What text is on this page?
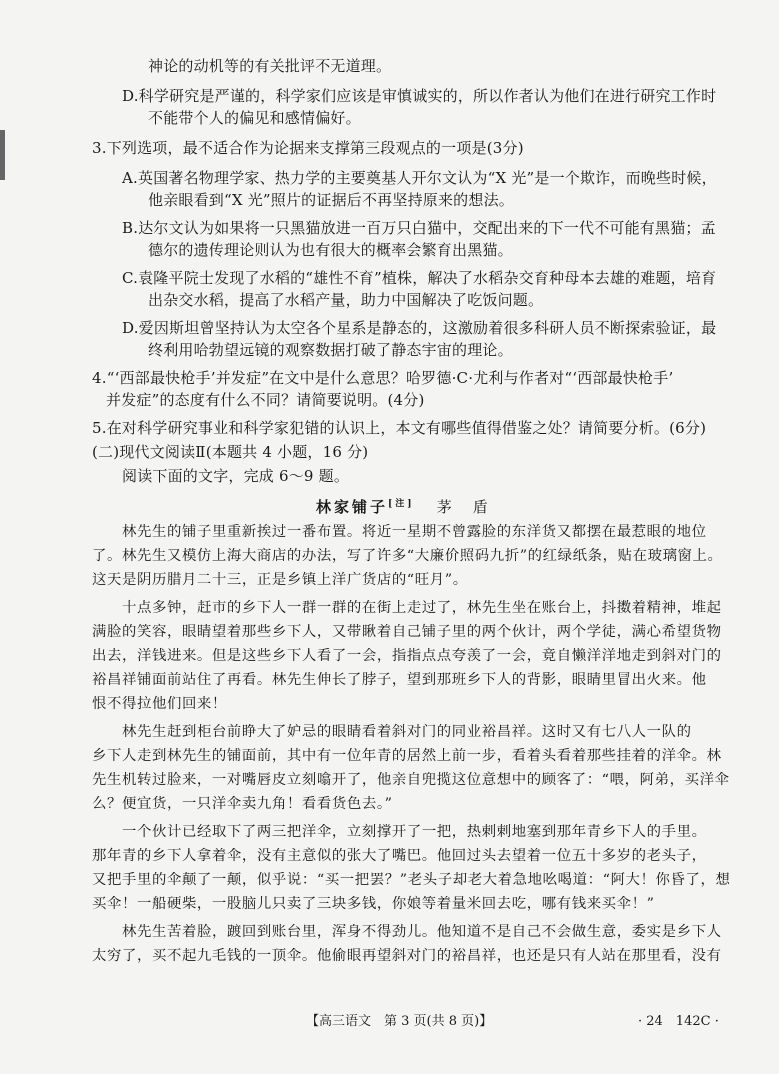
神论的动机等的有关批评不无道理。
D.科学研究是严谨的，科学家们应该是审慎诚实的，所以作者认为他们在进行研究工作时
不能带个人的偏见和感情偏好。
3.下列选项，最不适合作为论据来支撑第三段观点的一项是(3分)
A.英国著名物理学家、热力学的主要奠基人开尔文认为“X 光”是一个欺诈，而晚些时候，
他亲眼看到“X 光”照片的证据后不再坚持原来的想法。
B.达尔文认为如果将一只黑猫放进一百万只白猫中，交配出来的下一代不可能有黑猫；孟
德尔的遗传理论则认为也有很大的概率会繁育出黑猫。
C.袁隆平院士发现了水稻的“雄性不育”植株，解决了水稻杂交育种母本去雄的难题，培育
出杂交水稻，提高了水稻产量，助力中国解决了吃饭问题。
D.爱因斯坦曾坚持认为太空各个星系是静态的，这激励着很多科研人员不断探索验证，最
终利用哈勃望远镜的观察数据打破了静态宇宙的理论。
4.“‘西部最快枪手’并发症”在文中是什么意思？哈罗德·C·尤利与作者对“‘西部最快枪手’
并发症”的态度有什么不同？请简要说明。(4分)
5.在对科学研究事业和科学家犯错的认识上，本文有哪些值得借鉴之处？请简要分析。(6分)
(二)现代文阅读Ⅱ(本题共 4 小题，16 分)
阅读下面的文字，完成 6～9 题。
林家铺子[注] 茅　盾
林先生的铺子里重新挨过一番布置。将近一星期不曾露脸的东洋货又都摆在最惹眼的地位
了。林先生又模仿上海大商店的办法，写了许多“大廉价照码九折”的红绿纸条，贴在玻璃窗上。
这天是阴历腊月二十三，正是乡镇上洋广货店的“旺月”。
十点多钟，赶市的乡下人一群一群的在街上走过了，林先生坐在账台上，抖擞着精神，堆起
满脸的笑容，眼睛望着那些乡下人，又带瞅着自己铺子里的两个伙计，两个学徒，满心希望货物
出去，洋钱进来。但是这些乡下人看了一会，指指点点夸羡了一会，竟自懒洋洋地走到斜对门的
裕昌祥铺面前站住了再看。林先生伸长了脖子，望到那班乡下人的背影，眼睛里冒出火来。他
恨不得拉他们回来！
林先生赶到柜台前睁大了妒忌的眼睛看着斜对门的同业裕昌祥。这时又有七八人一队的
乡下人走到林先生的铺面前，其中有一位年青的居然上前一步，看着头看着那些挂着的洋伞。林
先生机转过脸来，一对嘴唇皮立刻噏开了，他亲自兜揽这位意想中的顾客了：“喂，阿弟，买洋伞
么？便宜货，一只洋伞卖九角！看看货色去。”
一个伙计已经取下了两三把洋伞，立刻撑开了一把，热剌剌地塞到那年青乡下人的手里。
那年青的乡下人拿着伞，没有主意似的张大了嘴巴。他回过头去望着一位五十多岁的老头子，
又把手里的伞颠了一颠，似乎说：“买一把罢？”老头子却老大着急地吆喝道：“阿大！你昏了，想
买伞！一船硬柴，一股脑儿只卖了三块多钱，你娘等着量米回去吃，哪有钱来买伞！”
林先生苦着脸，踱回到账台里，浑身不得劲儿。他知道不是自己不会做生意，委实是乡下人
太穷了，买不起九毛钱的一顶伞。他偷眼再望斜对门的裕昌祥，也还是只有人站在那里看，没有
【高三语文　第 3 页(共 8 页)】	· 24　142C ·
